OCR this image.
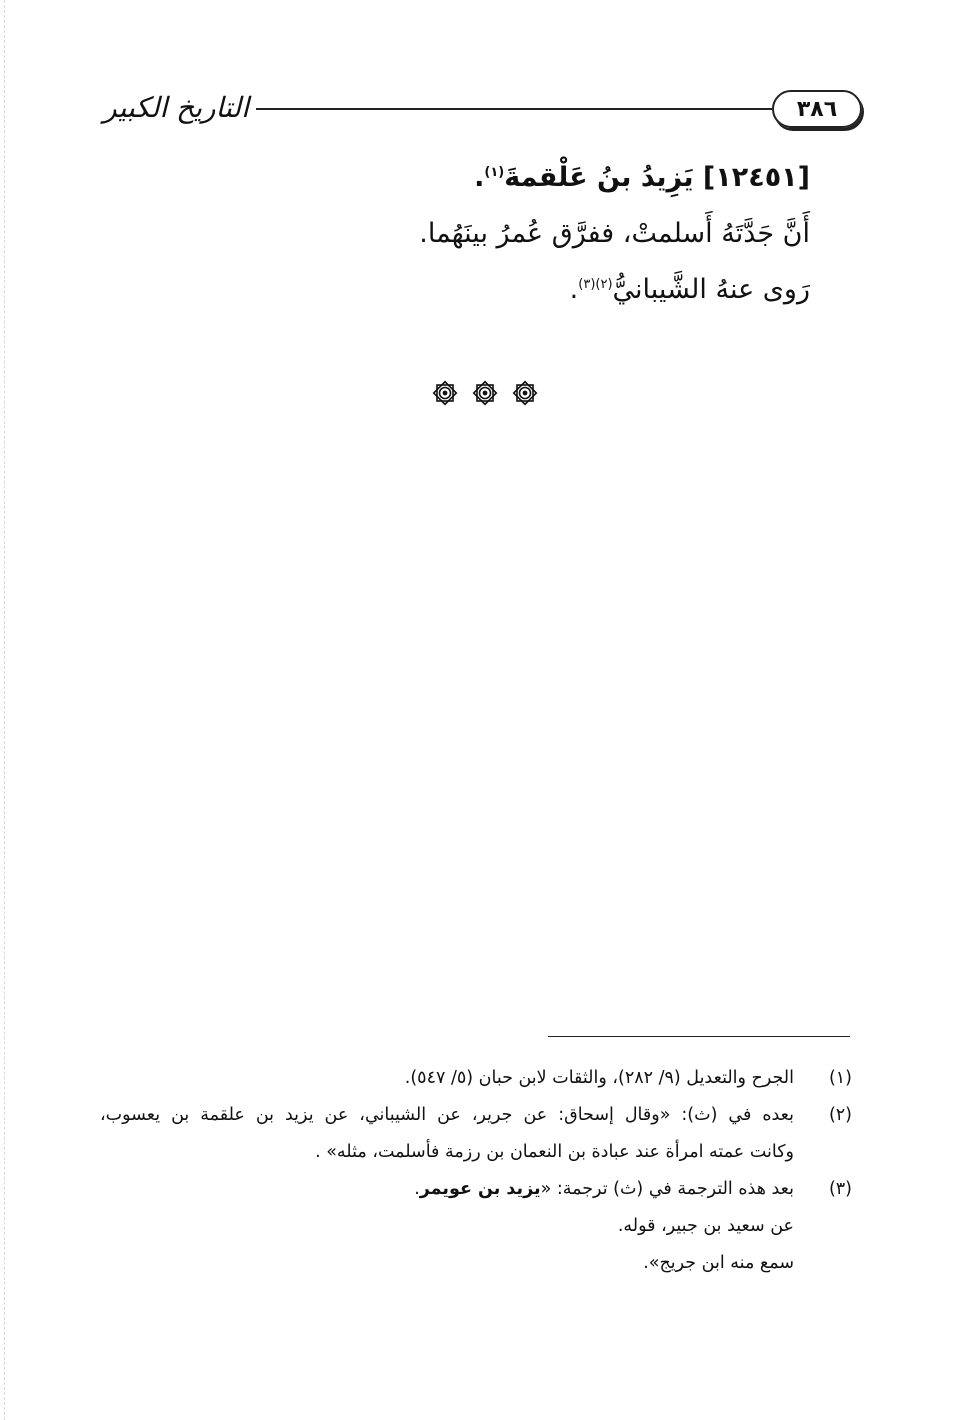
٣٨٦
التاريخ الكبير
[١٢٤٥١] يَزِيدُ بنُ عَلْقمةَ$^{(١)}$.
أَنَّ جَدَّتَهُ أَسلمتْ، ففرَّق عُمرُ بينَهُما.
رَوى عنهُ الشَّيبانيُّ$^{(٢)(٣)}$.
(١)
الجرح والتعديل (٩/ ٢٨٢)، والثقات لابن حبان (٥/ ٥٤٧).
(٢)
بعده في (ث): «وقال إسحاق: عن جرير، عن الشيباني، عن يزيد بن علقمة بن يعسوب،
وكانت عمته امرأة عند عبادة بن النعمان بن رزمة فأسلمت، مثله» .
(٣)
بعد هذه الترجمة في (ث) ترجمة: «يزيد بن عويمر.
عن سعيد بن جبير، قوله.
سمع منه ابن جريج».
